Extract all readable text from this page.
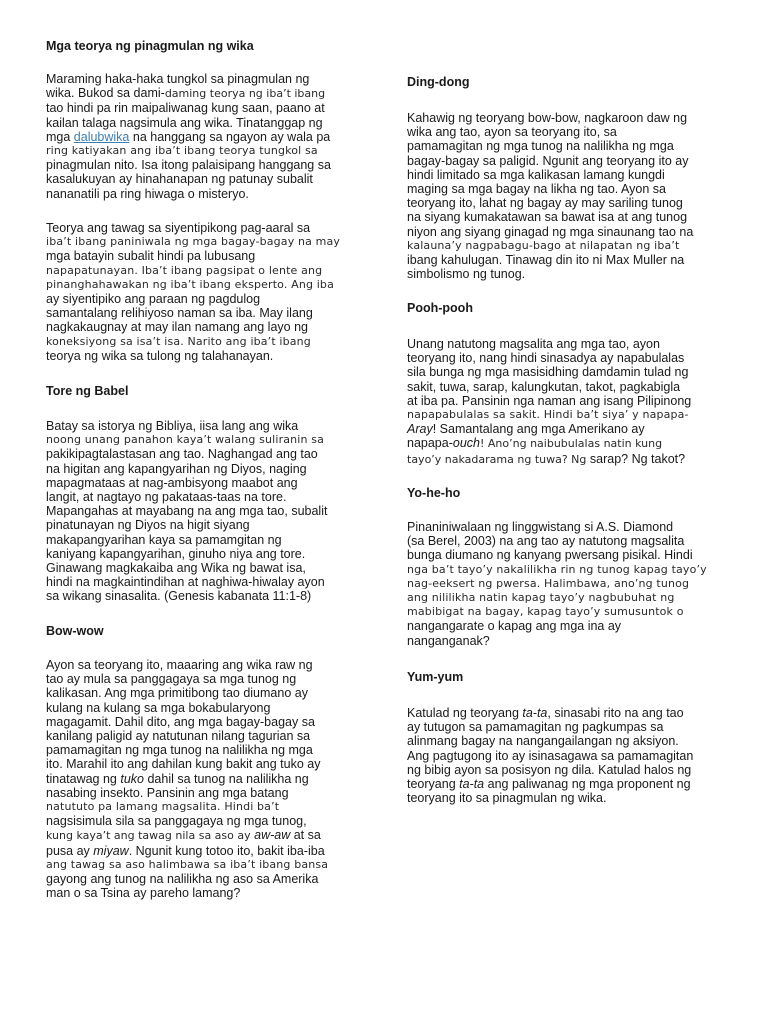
Mga teorya ng pinagmulan ng wika
Maraming haka-haka tungkol sa pinagmulan ng
wika. Bukod sa dami-daming teorya ng iba’t ibang
tao hindi pa rin maipaliwanag kung saan, paano at
kailan talaga nagsimula ang wika. Tinatanggap ng
mga dalubwika na hanggang sa ngayon ay wala pa
ring katiyakan ang iba’t ibang teorya tungkol sa
pinagmulan nito. Isa itong palaisipang hanggang sa
kasalukuyan ay hinahanapan ng patunay subalit
nananatili pa ring hiwaga o misteryo.
Teorya ang tawag sa siyentipikong pag-aaral sa
iba’t ibang paniniwala ng mga bagay-bagay na may
mga batayin subalit hindi pa lubusang
napapatunayan. Iba’t ibang pagsipat o lente ang
pinanghahawakan ng iba’t ibang eksperto. Ang iba
ay siyentipiko ang paraan ng pagdulog
samantalang relihiyoso naman sa iba. May ilang
nagkakaugnay at may ilan namang ang layo ng
koneksiyong sa isa’t isa. Narito ang iba’t ibang
teorya ng wika sa tulong ng talahanayan.
Tore ng Babel
Batay sa istorya ng Bibliya, iisa lang ang wika
noong unang panahon kaya’t walang suliranin sa
pakikipagtalastasan ang tao. Naghangad ang tao
na higitan ang kapangyarihan ng Diyos, naging
mapagmataas at nag-ambisyong maabot ang
langit, at nagtayo ng pakataas-taas na tore.
Mapangahas at mayabang na ang mga tao, subalit
pinatunayan ng Diyos na higit siyang
makapangyarihan kaya sa pamamgitan ng
kaniyang kapangyarihan, ginuho niya ang tore.
Ginawang magkakaiba ang Wika ng bawat isa,
hindi na magkaintindihan at naghiwa-hiwalay ayon
sa wikang sinasalita. (Genesis kabanata 11:1-8)
Bow-wow
Ayon sa teoryang ito, maaaring ang wika raw ng
tao ay mula sa panggagaya sa mga tunog ng
kalikasan. Ang mga primitibong tao diumano ay
kulang na kulang sa mga bokabularyong
magagamit. Dahil dito, ang mga bagay-bagay sa
kanilang paligid ay natutunan nilang tagurian sa
pamamagitan ng mga tunog na nalilikha ng mga
ito. Marahil ito ang dahilan kung bakit ang tuko ay
tinatawag ng tuko dahil sa tunog na nalilikha ng
nasabing insekto. Pansinin ang mga batang
natututo pa lamang magsalita. Hindi ba’t
nagsisimula sila sa panggagaya ng mga tunog,
kung kaya’t ang tawag nila sa aso ay aw-aw at sa
pusa ay miyaw. Ngunit kung totoo ito, bakit iba-iba
ang tawag sa aso halimbawa sa iba’t ibang bansa
gayong ang tunog na nalilikha ng aso sa Amerika
man o sa Tsina ay pareho lamang?
Ding-dong
Kahawig ng teoryang bow-bow, nagkaroon daw ng
wika ang tao, ayon sa teoryang ito, sa
pamamagitan ng mga tunog na nalilikha ng mga
bagay-bagay sa paligid. Ngunit ang teoryang ito ay
hindi limitado sa mga kalikasan lamang kungdi
maging sa mga bagay na likha ng tao. Ayon sa
teoryang ito, lahat ng bagay ay may sariling tunog
na siyang kumakatawan sa bawat isa at ang tunog
niyon ang siyang ginagad ng mga sinaunang tao na
kalauna’y nagpabagu-bago at nilapatan ng iba’t
ibang kahulugan. Tinawag din ito ni Max Muller na
simbolismo ng tunog.
Pooh-pooh
Unang natutong magsalita ang mga tao, ayon
teoryang ito, nang hindi sinasadya ay napabulalas
sila bunga ng mga masisidhing damdamin tulad ng
sakit, tuwa, sarap, kalungkutan, takot, pagkabigla
at iba pa. Pansinin nga naman ang isang Pilipinong
napapabulalas sa sakit. Hindi ba’t siya’ y napapa-
Aray! Samantalang ang mga Amerikano ay
napapa-ouch! Ano’ng naibubulalas natin kung
tayo’y nakadarama ng tuwa? Ng sarap? Ng takot?
Yo-he-ho
Pinaniniwalaan ng linggwistang si A.S. Diamond
(sa Berel, 2003) na ang tao ay natutong magsalita
bunga diumano ng kanyang pwersang pisikal. Hindi
nga ba’t tayo’y nakalilikha rin ng tunog kapag tayo’y
nag-eeksert ng pwersa. Halimbawa, ano’ng tunog
ang nililikha natin kapag tayo’y nagbubuhat ng
mabibigat na bagay, kapag tayo’y sumusuntok o
nangangarate o kapag ang mga ina ay
nanganganak?
Yum-yum
Katulad ng teoryang ta-ta, sinasabi rito na ang tao
ay tutugon sa pamamagitan ng pagkumpas sa
alinmang bagay na nangangailangan ng aksiyon.
Ang pagtugong ito ay isinasagawa sa pamamagitan
ng bibig ayon sa posisyon ng dila. Katulad halos ng
teoryang ta-ta ang paliwanag ng mga proponent ng
teoryang ito sa pinagmulan ng wika.
